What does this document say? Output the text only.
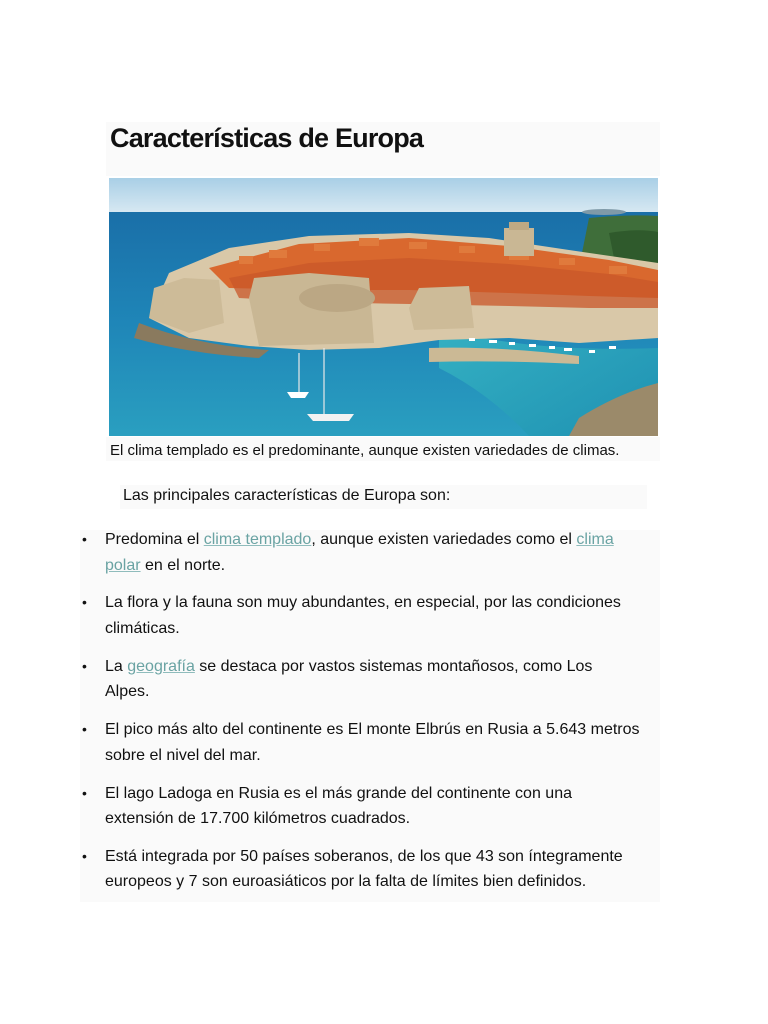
Características de Europa
El clima templado es el predominante, aunque existen variedades de climas.
Las principales características de Europa son:
• Predomina el clima templado, aunque existen variedades como el clima polar en el norte.
• La flora y la fauna son muy abundantes, en especial, por las condiciones climáticas.
• La geografía se destaca por vastos sistemas montañosos, como Los Alpes.
• El pico más alto del continente es El monte Elbrús en Rusia a 5.643 metros sobre el nivel del mar.
• El lago Ladoga en Rusia es el más grande del continente con una extensión de 17.700 kilómetros cuadrados.
• Está integrada por 50 países soberanos, de los que 43 son íntegramente europeos y 7 son euroasiáticos por la falta de límites bien definidos.
